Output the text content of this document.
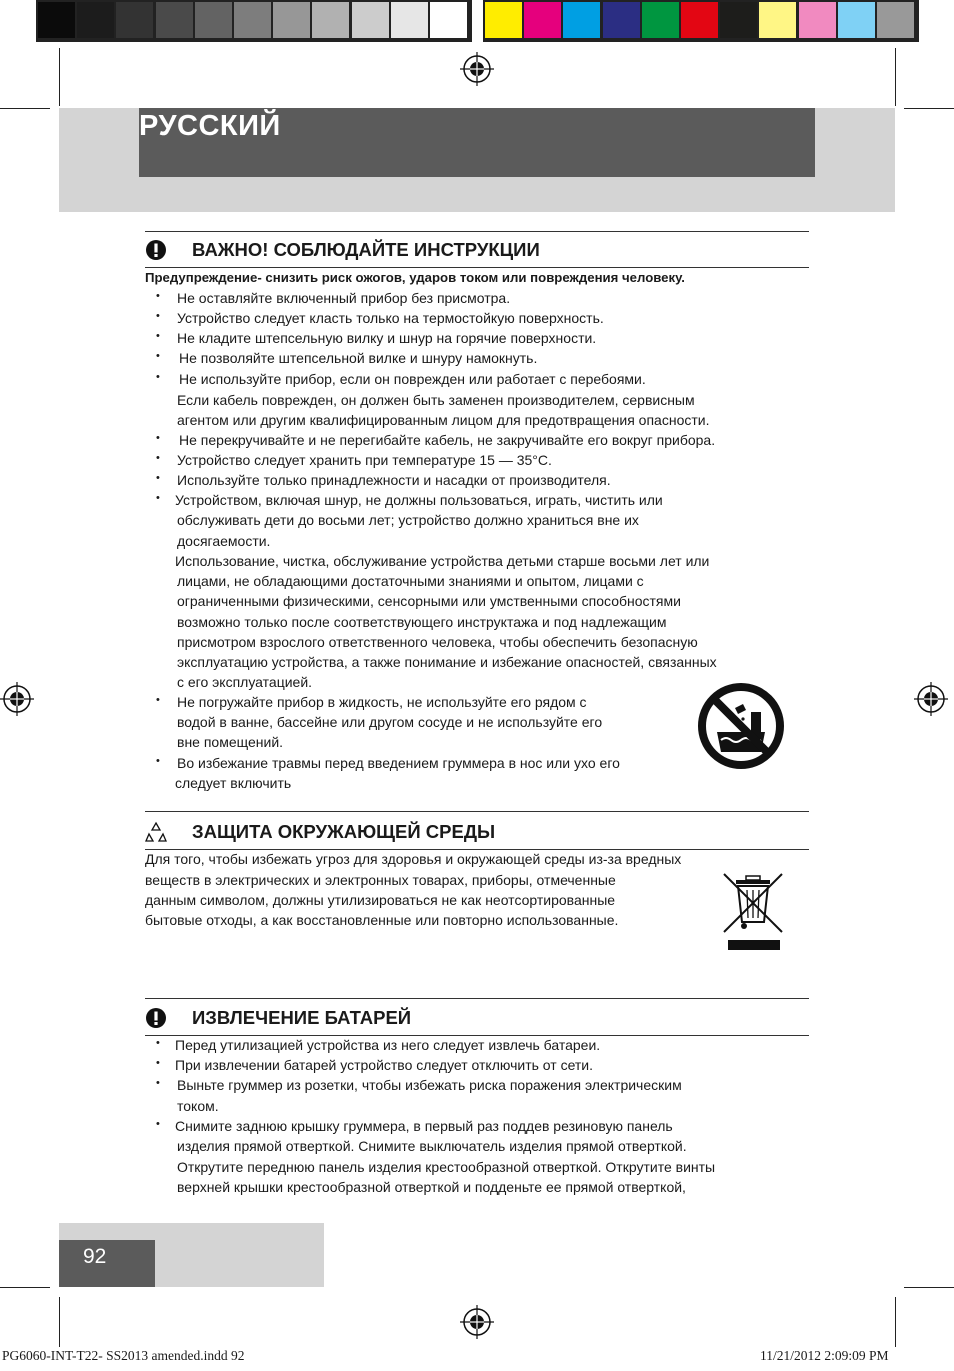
РУССКИЙ
ВАЖНО! СОБЛЮДАЙТЕ ИНСТРУКЦИИ
Предупреждение- снизить риск ожогов, ударов током или повреждения человеку.
• Не оставляйте включенный прибор без присмотра.
• Устройство следует класть только на термостойкую поверхность.
• Не кладите штепсельную вилку и шнур на горячие поверхности.
• Не позволяйте штепсельной вилке и шнуру намокнуть.
• Не используйте прибор, если он поврежден или работает с перебоями.
Если кабель поврежден, он должен быть заменен производителем, сервисным
агентом или другим квалифицированным лицом для предотвращения опасности.
• Не перекручивайте и не перегибайте кабель, не закручивайте его вокруг прибора.
• Устройство следует хранить при температуре 15 — 35°С.
• Используйте только принадлежности и насадки от производителя.
• Устройством, включая шнур, не должны пользоваться, играть, чистить или
обслуживать дети до восьми лет; устройство должно храниться вне их
досягаемости.
Использование, чистка, обслуживание устройства детьми старше восьми лет или
лицами, не обладающими достаточными знаниями и опытом, лицами с
ограниченными физическими, сенсорными или умственными способностями
возможно только после соответствующего инструктажа и под надлежащим
присмотром взрослого ответственного человека, чтобы обеспечить безопасную
эксплуатацию устройства, а также понимание и избежание опасностей, связанных
с его эксплуатацией.
• Не погружайте прибор в жидкость, не используйте его рядом с
водой в ванне, бассейне или другом сосуде и не используйте его
вне помещений.
• Во избежание травмы перед введением груммера в нос или ухо его
следует включить
ЗАЩИТА ОКРУЖАЮЩЕЙ СРЕДЫ
Для того, чтобы избежать угроз для здоровья и окружающей среды из-за вредных
веществ в электрических и электронных товарах, приборы, отмеченные
данным символом, должны утилизироваться не как неотсортированные
бытовые отходы, а как восстановленные или повторно использованные.
ИЗВЛЕЧЕНИЕ БАТАРЕЙ
• Перед утилизацией устройства из него следует извлечь батареи.
• При извлечении батарей устройство следует отключить от сети.
• Выньте груммер из розетки, чтобы избежать риска поражения электрическим
током.
• Снимите заднюю крышку груммера, в первый раз поддев резиновую панель
изделия прямой отверткой. Снимите выключатель изделия прямой отверткой.
Открутите переднюю панель изделия крестообразной отверткой. Открутите винты
верхней крышки крестообразной отверткой и подденьте ее прямой отверткой,
92
PG6060-INT-T22- SS2013 amended.indd 92	11/21/2012 2:09:09 PM
